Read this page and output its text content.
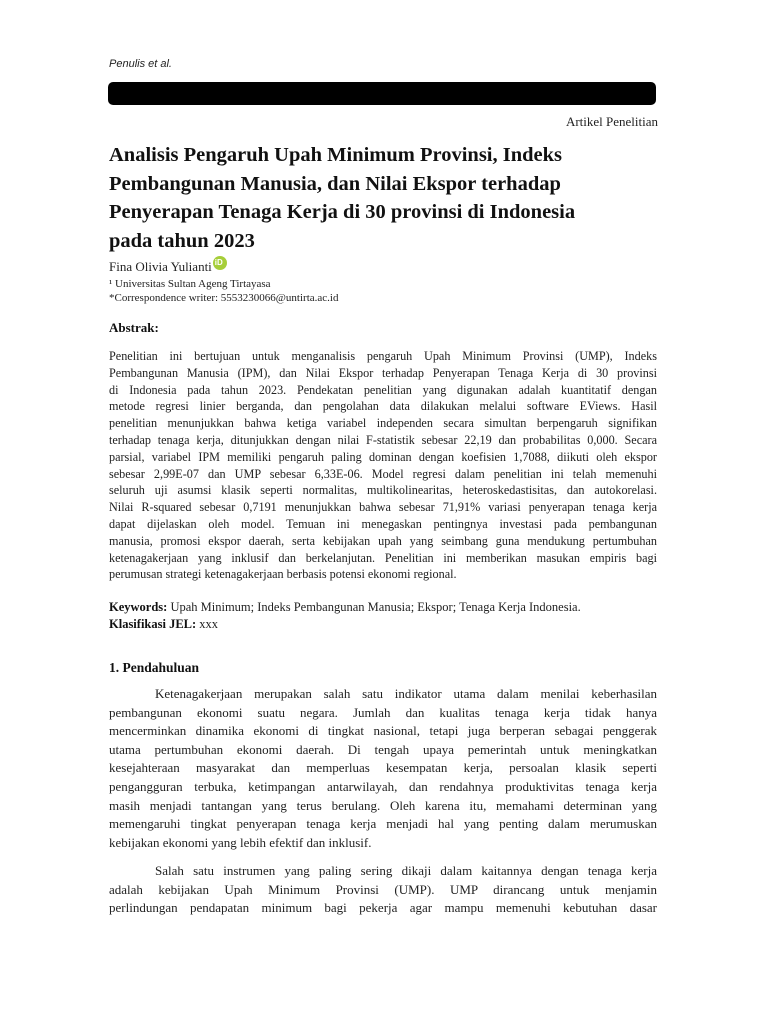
Penulis et al.
Artikel Penelitian
Analisis Pengaruh Upah Minimum Provinsi, Indeks
Pembangunan Manusia, dan Nilai Ekspor terhadap
Penyerapan Tenaga Kerja di 30 provinsi di Indonesia
pada tahun 2023
Fina Olivia Yulianti
iD
¹ Universitas Sultan Ageng Tirtayasa
*Correspondence writer: 5553230066@untirta.ac.id
Abstrak:
Penelitian ini bertujuan untuk menganalisis pengaruh Upah Minimum Provinsi (UMP), Indeks
Pembangunan Manusia (IPM), dan Nilai Ekspor terhadap Penyerapan Tenaga Kerja di 30 provinsi
di Indonesia pada tahun 2023. Pendekatan penelitian yang digunakan adalah kuantitatif dengan
metode regresi linier berganda, dan pengolahan data dilakukan melalui software EViews. Hasil
penelitian menunjukkan bahwa ketiga variabel independen secara simultan berpengaruh signifikan
terhadap tenaga kerja, ditunjukkan dengan nilai F-statistik sebesar 22,19 dan probabilitas 0,000. Secara
parsial, variabel IPM memiliki pengaruh paling dominan dengan koefisien 1,7088, diikuti oleh ekspor
sebesar 2,99E-07 dan UMP sebesar 6,33E-06. Model regresi dalam penelitian ini telah memenuhi
seluruh uji asumsi klasik seperti normalitas, multikolinearitas, heteroskedastisitas, dan autokorelasi.
Nilai R-squared sebesar 0,7191 menunjukkan bahwa sebesar 71,91% variasi penyerapan tenaga kerja
dapat dijelaskan oleh model. Temuan ini menegaskan pentingnya investasi pada pembangunan
manusia, promosi ekspor daerah, serta kebijakan upah yang seimbang guna mendukung pertumbuhan
ketenagakerjaan yang inklusif dan berkelanjutan. Penelitian ini memberikan masukan empiris bagi
perumusan strategi ketenagakerjaan berbasis potensi ekonomi regional.
Keywords: Upah Minimum; Indeks Pembangunan Manusia; Ekspor; Tenaga Kerja Indonesia.
Klasifikasi JEL: xxx
1. Pendahuluan
Ketenagakerjaan merupakan salah satu indikator utama dalam menilai keberhasilan
pembangunan ekonomi suatu negara. Jumlah dan kualitas tenaga kerja tidak hanya
mencerminkan dinamika ekonomi di tingkat nasional, tetapi juga berperan sebagai penggerak
utama pertumbuhan ekonomi daerah. Di tengah upaya pemerintah untuk meningkatkan
kesejahteraan masyarakat dan memperluas kesempatan kerja, persoalan klasik seperti
pengangguran terbuka, ketimpangan antarwilayah, dan rendahnya produktivitas tenaga kerja
masih menjadi tantangan yang terus berulang. Oleh karena itu, memahami determinan yang
memengaruhi tingkat penyerapan tenaga kerja menjadi hal yang penting dalam merumuskan
kebijakan ekonomi yang lebih efektif dan inklusif.
Salah satu instrumen yang paling sering dikaji dalam kaitannya dengan tenaga kerja
adalah kebijakan Upah Minimum Provinsi (UMP). UMP dirancang untuk menjamin
perlindungan pendapatan minimum bagi pekerja agar mampu memenuhi kebutuhan dasar
